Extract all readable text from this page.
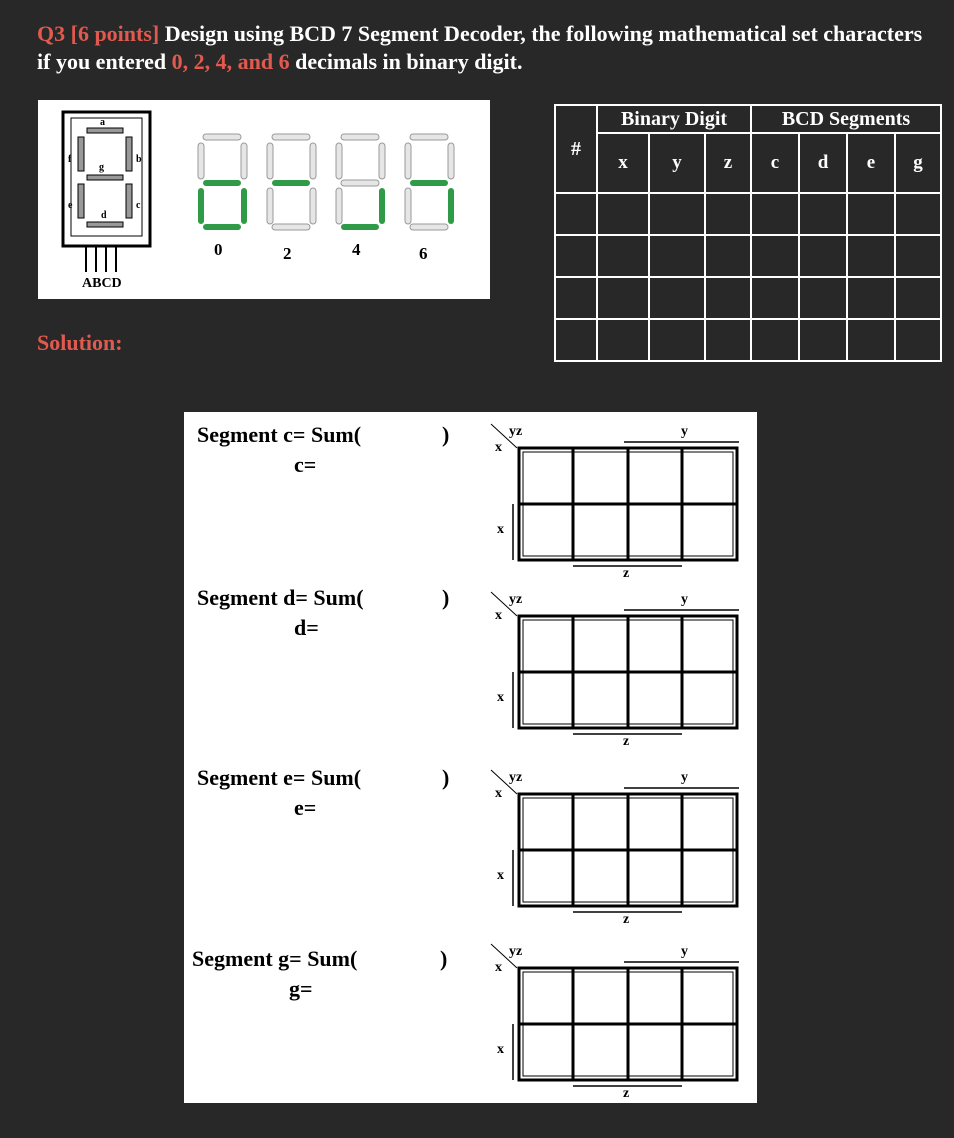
Q3 [6 points] Design using BCD 7 Segment Decoder, the following mathematical set characters if you entered 0, 2, 4, and 6 decimals in binary digit.
a
b
c
d
e
f
g
0	2	4	6
ABCD
#	Binary Digit			BCD Segments			
	x	y	z	c	d	e	g

Solution:
Segment c= Sum(	)
c=
yz
x
y
x
z
Segment d= Sum(	)
d=
yz
x
y
x
z
Segment e= Sum(	)
e=
yz
x
y
x
z
Segment g= Sum(	)
g=
yz
x
y
x
z
